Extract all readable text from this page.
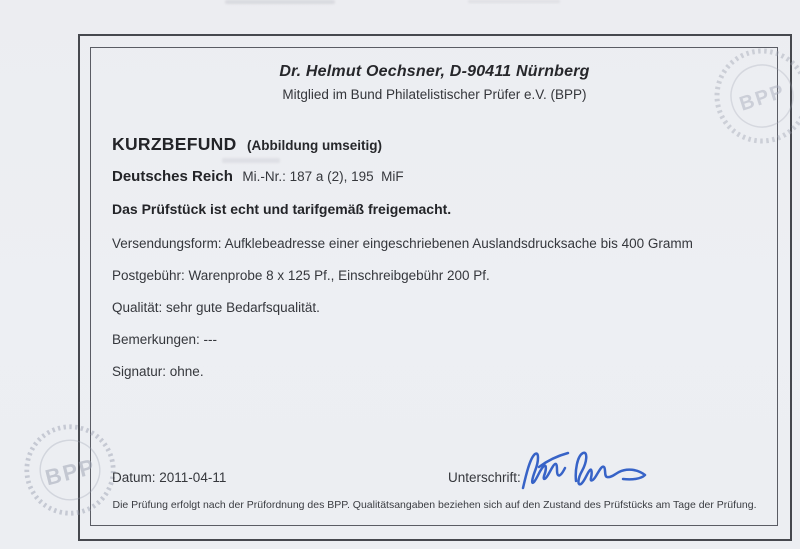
BPP
BPP
Dr. Helmut Oechsner, D-90411 Nürnberg
Mitglied im Bund Philatelistischer Prüfer e.V. (BPP)
KURZBEFUND (Abbildung umseitig)
Deutsches Reich Mi.-Nr.: 187 a (2), 195  MiF
Das Prüfstück ist echt und tarifgemäß freigemacht.
Versendungsform: Aufklebeadresse einer eingeschriebenen Auslandsdrucksache bis 400 Gramm
Postgebühr: Warenprobe 8 x 125 Pf., Einschreibgebühr 200 Pf.
Qualität: sehr gute Bedarfsqualität.
Bemerkungen: ---
Signatur: ohne.
Datum: 2011-04-11	Unterschrift:
Die Prüfung erfolgt nach der Prüfordnung des BPP. Qualitätsangaben beziehen sich auf den Zustand des Prüfstücks am Tage der Prüfung.
